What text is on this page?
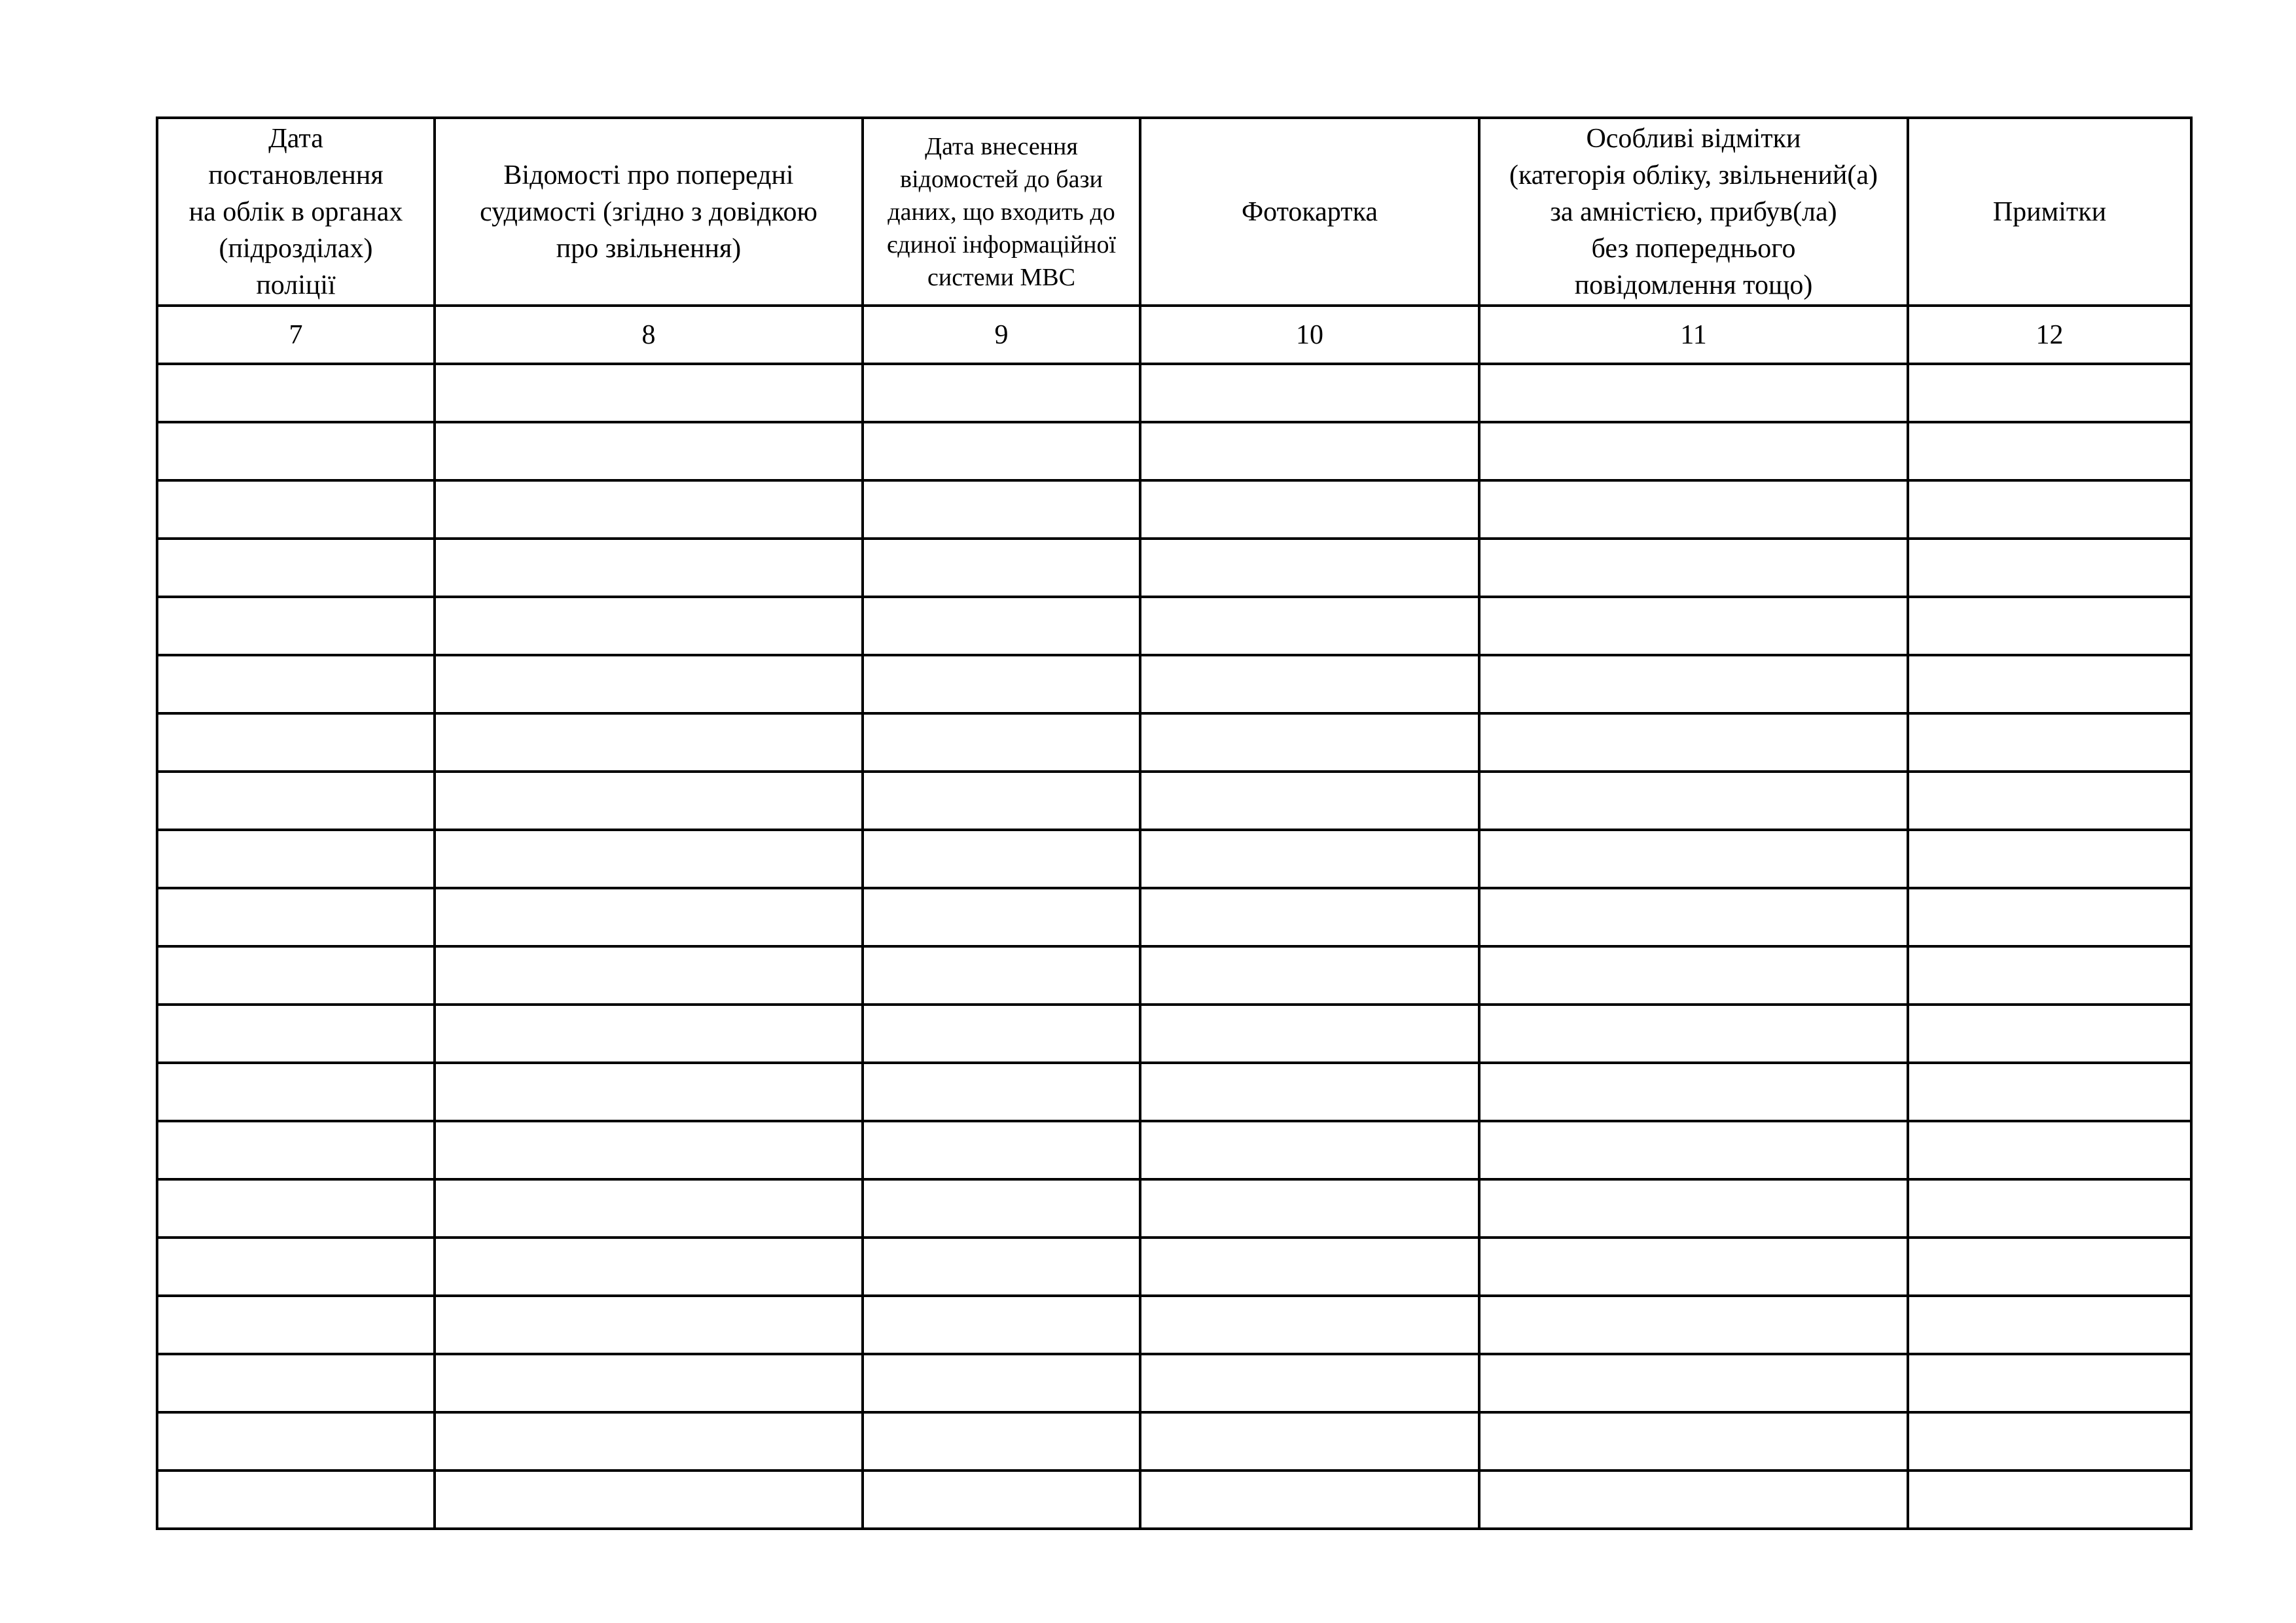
Дата
постановлення
на облік в органах
(підрозділах)
поліції	Відомості про попередні
судимості (згідно з довідкою
про звільнення)	Дата внесення
відомостей до бази
даних, що входить до
єдиної інформаційної
системи МВС	Фотокартка	Особливі відмітки
(категорія обліку, звільнений(а)
за амністією, прибув(ла)
без попереднього
повідомлення тощо)	Примітки

7	8	9	10	11	12
